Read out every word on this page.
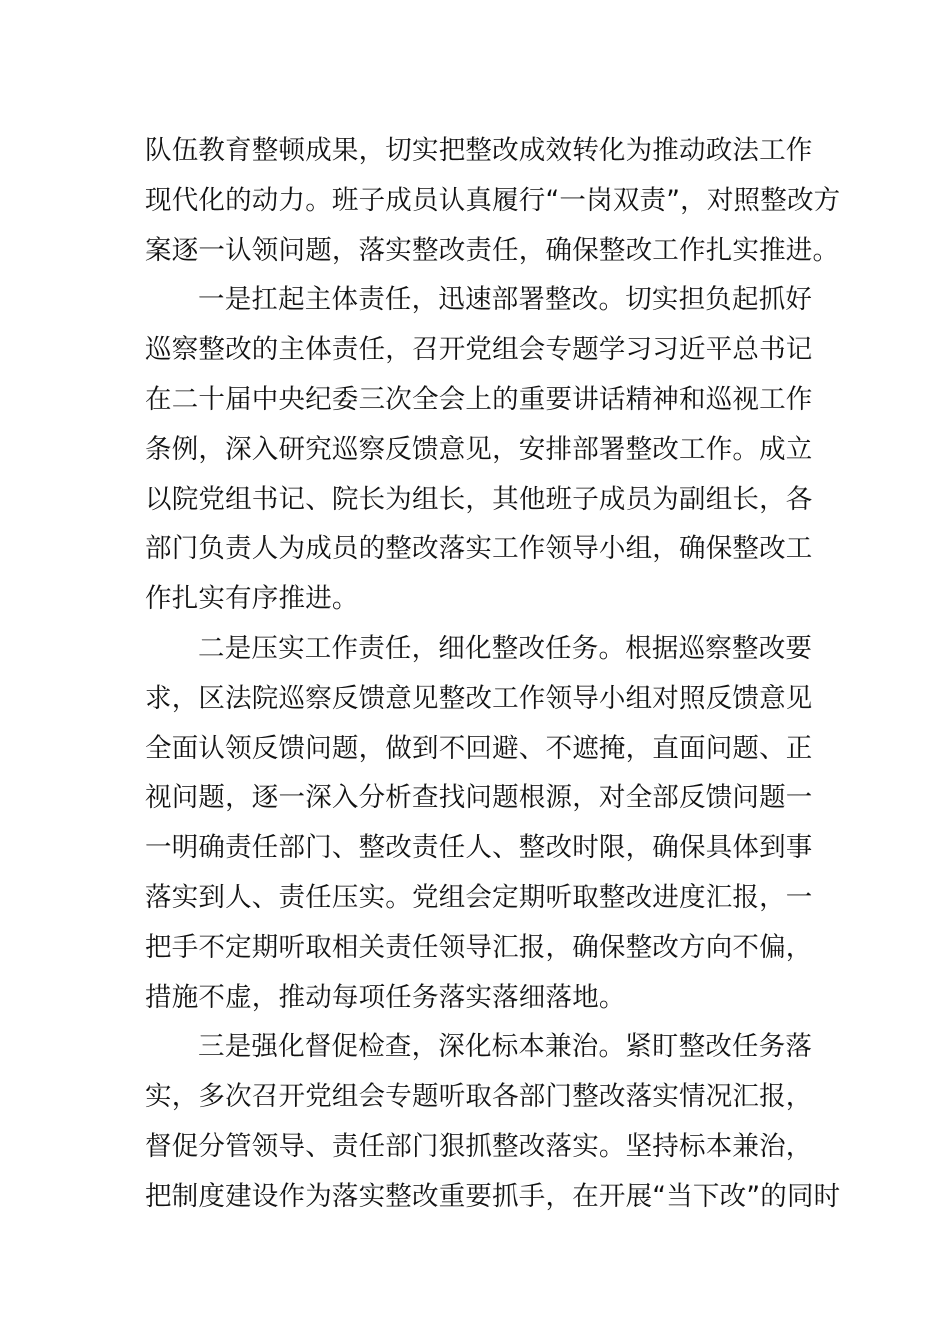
队伍教育整顿成果，切实把整改成效转化为推动政法工作
现代化的动力。班子成员认真履行“一岗双责”，对照整改方
案逐一认领问题，落实整改责任，确保整改工作扎实推进。
一是扛起主体责任，迅速部署整改。切实担负起抓好
巡察整改的主体责任，召开党组会专题学习习近平总书记
在二十届中央纪委三次全会上的重要讲话精神和巡视工作
条例，深入研究巡察反馈意见，安排部署整改工作。成立
以院党组书记、院长为组长，其他班子成员为副组长，各
部门负责人为成员的整改落实工作领导小组，确保整改工
作扎实有序推进。
二是压实工作责任，细化整改任务。根据巡察整改要
求，区法院巡察反馈意见整改工作领导小组对照反馈意见
全面认领反馈问题，做到不回避、不遮掩，直面问题、正
视问题，逐一深入分析查找问题根源，对全部反馈问题一
一明确责任部门、整改责任人、整改时限，确保具体到事
落实到人、责任压实。党组会定期听取整改进度汇报，一
把手不定期听取相关责任领导汇报，确保整改方向不偏，
措施不虚，推动每项任务落实落细落地。
三是强化督促检查，深化标本兼治。紧盯整改任务落
实，多次召开党组会专题听取各部门整改落实情况汇报，
督促分管领导、责任部门狠抓整改落实。坚持标本兼治，
把制度建设作为落实整改重要抓手，在开展“当下改”的同时
